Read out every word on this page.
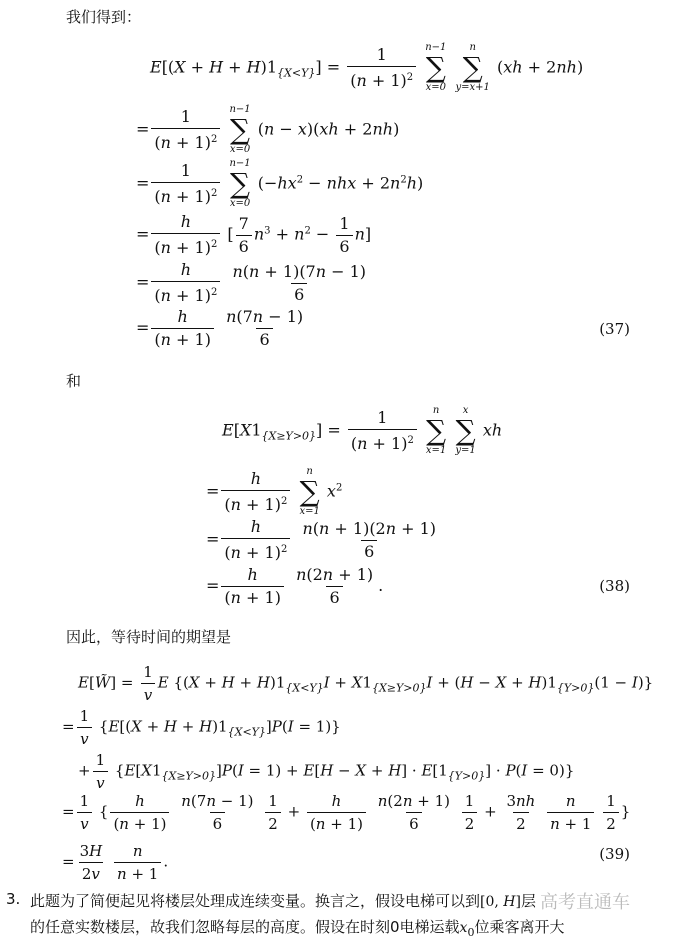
我们得到：
$E[(X + H + H)1_{\{X<Y\}}] = \frac{1}{(n + 1)^2}$
n−1
∑
x=0

n
∑
y=x+1
(xh + 2nh)
= $\frac{1}{(n + 1)^2}$
n−1
∑
x=0
(n − x)(xh + 2nh)
= $\frac{1}{(n + 1)^2}$
n−1
∑
x=0
($-hx^2$ − nhx + $2n^2h$)
= $\frac{h}{(n + 1)^2}$ [ $\frac{7}{6} n^3 + n^2 - \frac{1}{6} n$]
= $\frac{h}{(n + 1)^2}$
$\frac{n(n + 1)(7n - 1)}{6}$
= $\frac{h}{(n + 1)}$
$\frac{n(7n - 1)}{6}$	(37)
和
$E[X1_{\{X\ge Y>0\}}] = \frac{1}{(n + 1)^2}$
n
∑
x=1

x
∑
y=1
xh
= $\frac{h}{(n + 1)^2}$
n
∑
x=1
$x^2$
= $\frac{h}{(n + 1)^2}$
$\frac{n(n + 1)(2n + 1)}{6}$
= $\frac{h}{(n + 1)}$
$\frac{n(2n + 1)}{6}$ .	(38)
因此，等待时间的期望是
E[W̃] = $\frac{1}{v}$ E $\{(X + H + H)1_{\{X<Y\}}I + X1_{\{X\ge Y>0\}}I + (H - X + H)1_{\{Y>0\}}(1 - I)\}$
= $\frac{1}{v} \{E[(X + H + H)1_{\{X<Y\}}]P(I = 1)\}$
+ $\frac{1}{v} \{E[X1_{\{X\ge Y>0\}}]P(I = 1) + E[H - X + H] \cdot E[1_{\{Y>0\}}] \cdot P(I = 0)\}$
= $\frac{1}{v}$ { $\frac{h}{(n + 1)}$
$\frac{n(7n - 1)}{6}$
$\frac{1}{2} + \frac{h}{(n + 1)}$
$\frac{n(2n + 1)}{6}$
$\frac{1}{2} + \frac{3nh}{2}$
$\frac{n}{n + 1}$
$\frac{1}{2}$ }
= $\frac{3H}{2v}$
$\frac{n}{n + 1}$ .	(39)
3. 此题为了简便起见将楼层处理成连续变量。换言之，假设电梯可以到[0, H]层
的任意实数楼层，故我们忽略每层的高度。假设在时刻0电梯运载$x_0$位乘客离开大
高考直通车
